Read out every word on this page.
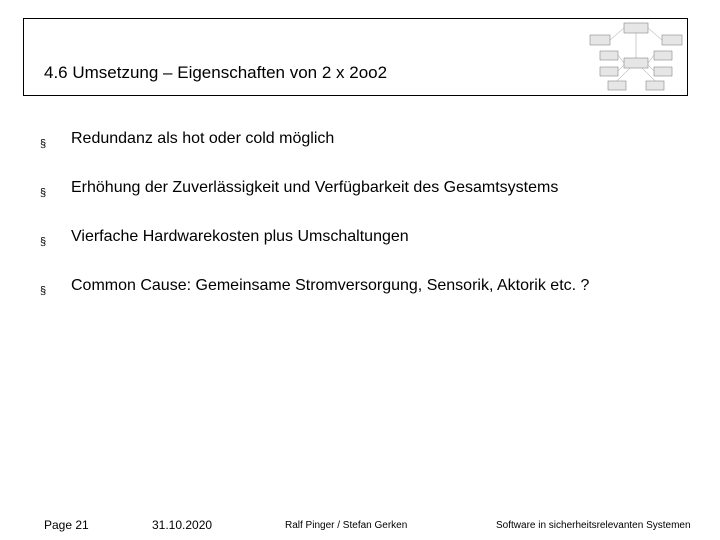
4.6 Umsetzung – Eigenschaften von 2 x 2oo2
§ Redundanz als hot oder cold möglich
§ Erhöhung der Zuverlässigkeit und Verfügbarkeit des Gesamtsystems
§ Vierfache Hardwarekosten plus Umschaltungen
§ Common Cause: Gemeinsame Stromversorgung, Sensorik, Aktorik etc. ?
Page 21	31.10.2020	Ralf Pinger / Stefan Gerken	Software in sicherheitsrelevanten Systemen
